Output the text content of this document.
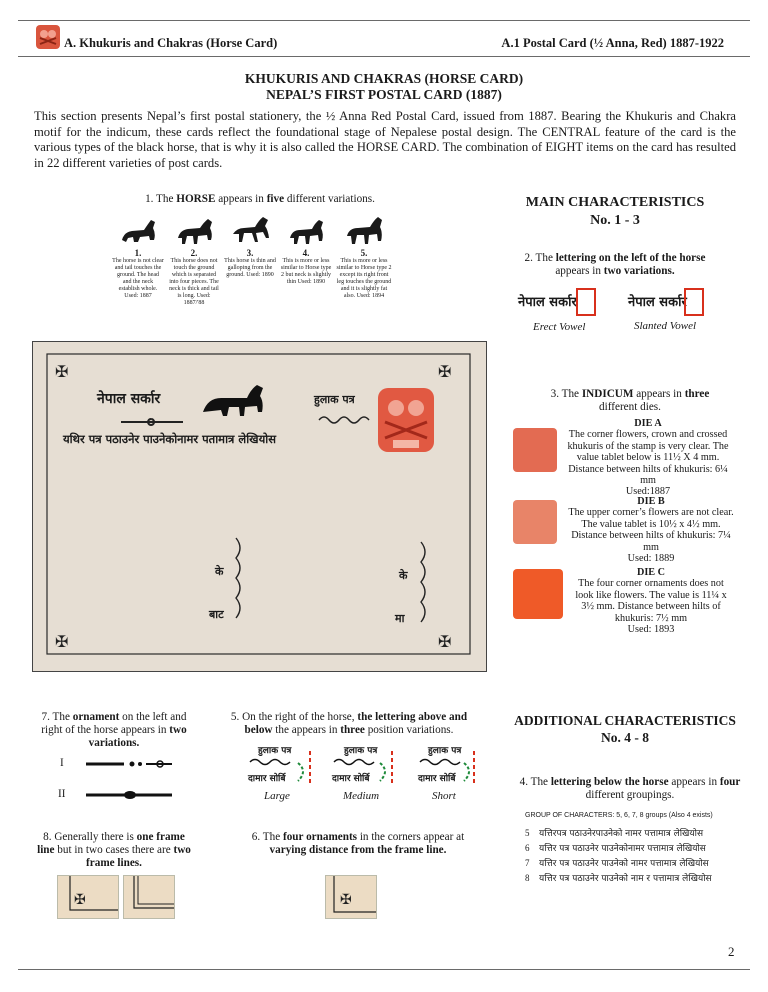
A. Khukuris and Chakras (Horse Card)	A.1 Postal Card (½ Anna, Red) 1887-1922
KHUKURIS AND CHAKRAS (HORSE CARD)
NEPAL’S FIRST POSTAL CARD (1887)
This section presents Nepal’s first postal stationery, the ½ Anna Red Postal Card, issued from 1887. Bearing the Khukuris and Chakra motif for the indicum, these cards reflect the foundational stage of Nepalese postal design. The CENTRAL feature of the card is the various types of the black horse, that is why it is also called the HORSE CARD. The combination of EIGHT items on the card has resulted in 22 different varieties of post cards.
1. The HORSE appears in five different variations.
1.
The horse is not clear and tail touches the ground. The head and the neck establish whole. Used: 1887
2.
This horse does not touch the ground which is separated into four pieces. The neck is thick and tail is long. Used: 1887/'88
3.
This horse is thin and galloping from the ground. Used: 1890
4.
This is more or less similar to Horse type 2 but neck is slightly thin Used: 1890
5.
This is more or less similar to Horse type 2 except its right front leg touches the ground and it is slightly fat also. Used: 1894
MAIN CHARACTERISTICS
No. 1 - 3
2. The lettering on the left of the horse appears in two variations.
नेपाल सर्कार	नेपाल सर्कार
Erect Vowel	Slanted Vowel
✠	✠
✠	✠
नेपाल सर्कार	हुलाक पत्र
यथिर पत्र पठाउनेर पाउनेकोनामर पतामात्र लेखियोस
के
बाट
के
मा
3. The INDICUM appears in three different dies.
DIE A
The corner flowers, crown and crossed khukuris of the stamp is very clear. The value tablet below is 11½ X 4 mm. Distance between hilts of khukuris: 6¼ mm
Used:1887
DIE B
The upper corner’s flowers are not clear. The value tablet is 10½ x 4½ mm. Distance between hilts of khukuris: 7¼ mm
Used: 1889
DIE C
The four corner ornaments does not look like flowers. The value is 11¼ x 3½ mm. Distance between hilts of khukuris: 7½ mm
Used: 1893
7. The ornament on the left and right of the horse appears in two variations.
I
II
5. On the right of the horse, the lettering above and below the appears in three position variations.
हुलाक पत्र
दामार सोर्बि
हुलाक पत्र
दामार सोर्बि
हुलाक पत्र
दामार सोर्बि
Large	Medium	Short
ADDITIONAL CHARACTERISTICS
No. 4 - 8
4. The lettering below the horse appears in four different groupings.
GROUP OF CHARACTERS: 5, 6, 7, 8 groups (Also 4 exists)
5 यत्तिरपत्र पठाउनेरपाउनेको नामर पत्तामात्र लेखियोस
6 यत्तिर पत्र पठाउनेर पाउनेकोनामर पत्तामात्र लेखियोस
7 यत्तिर पत्र पठाउनेर पाउनेको नामर पत्तामात्र लेखियोस
8 यत्तिर पत्र पठाउनेर पाउनेको नाम र पत्तामात्र लेखियोस
8. Generally there is one frame line but in two cases there are two frame lines.
✠
6. The four ornaments in the corners appear at varying distance from the frame line.
✠
2
